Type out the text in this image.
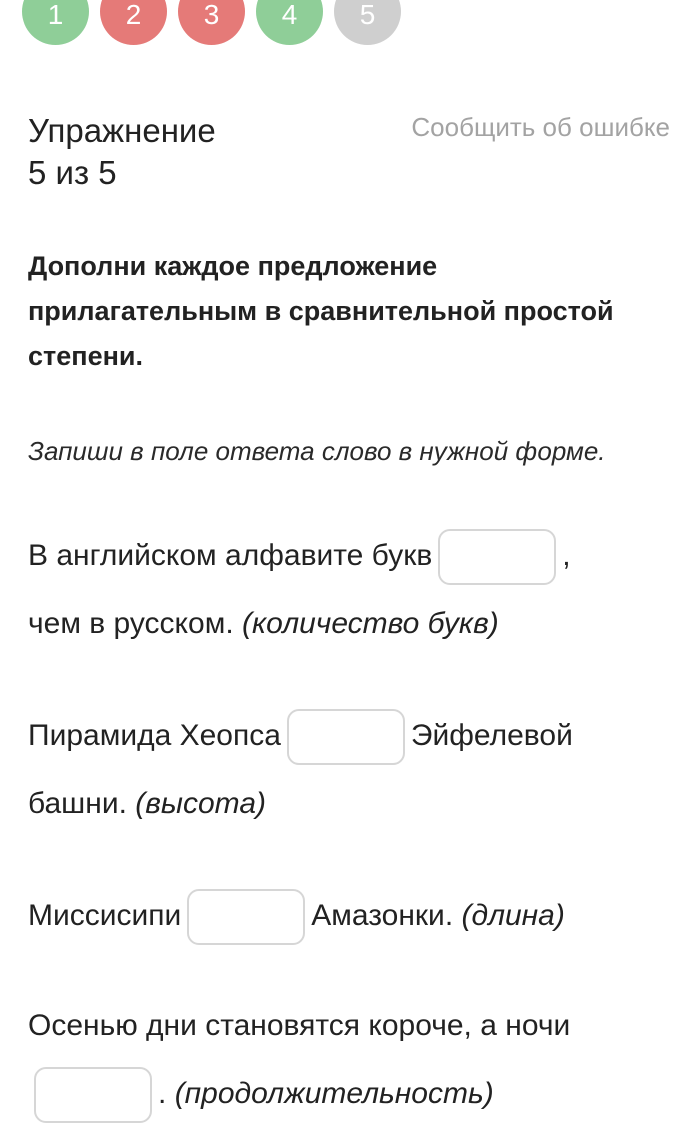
1	2	3	4	5
Упражнение
5 из 5
Сообщить об ошибке
Дополни каждое предложение прилагательным в сравнительной простой степени.
Запиши в поле ответа слово в нужной форме.
В английском алфавите букв	,
чем в русском. (количество букв)
Пирамида Хеопса	Эйфелевой башни. (высота)
Миссисипи	Амазонки. (длина)
Осенью дни становятся короче, а ночи
. (продолжительность)
